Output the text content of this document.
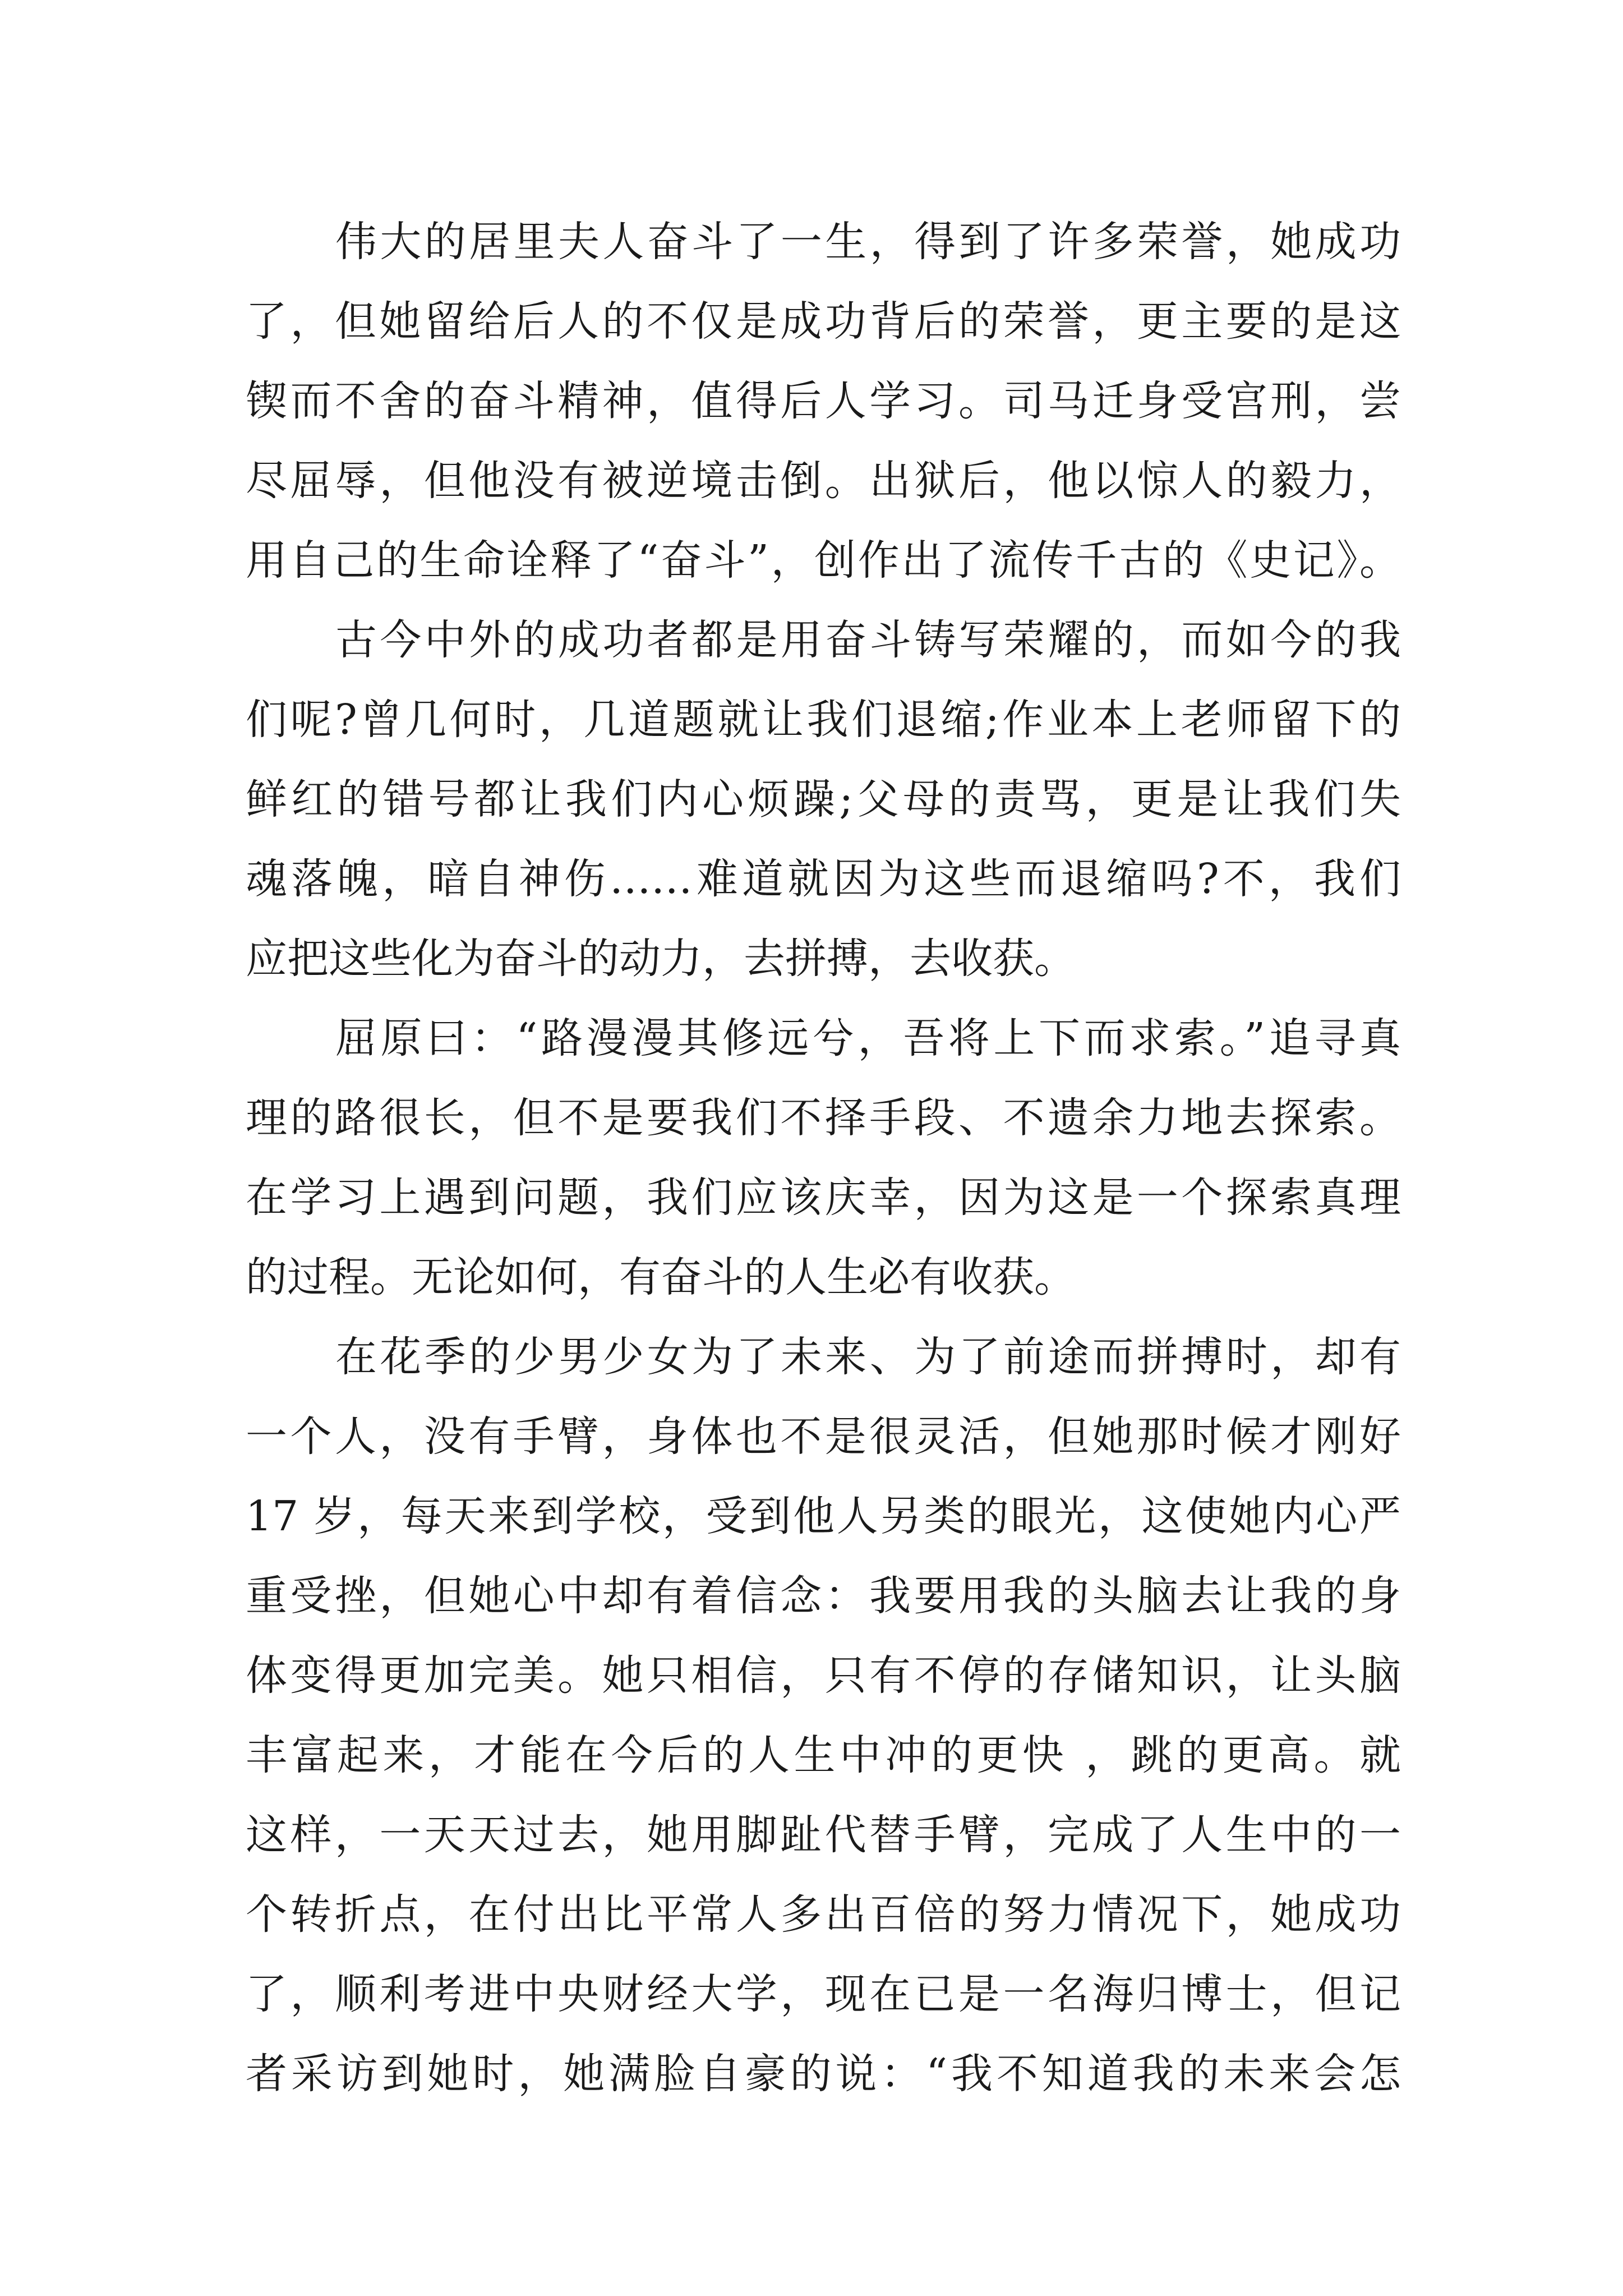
伟大的居里夫人奋斗了一生，得到了许多荣誉，她成功
了，但她留给后人的不仅是成功背后的荣誉，更主要的是这
锲而不舍的奋斗精神，值得后人学习。司马迁身受宫刑，尝
尽屈辱，但他没有被逆境击倒。出狱后，他以惊人的毅力，
用自己的生命诠释了“奋斗”，创作出了流传千古的《史记》。
古今中外的成功者都是用奋斗铸写荣耀的，而如今的我
们呢?曾几何时，几道题就让我们退缩;作业本上老师留下的
鲜红的错号都让我们内心烦躁;父母的责骂，更是让我们失
魂落魄，暗自神伤……难道就因为这些而退缩吗?不，我们
应把这些化为奋斗的动力，去拼搏，去收获。
屈原曰：“路漫漫其修远兮，吾将上下而求索。”追寻真
理的路很长，但不是要我们不择手段、不遗余力地去探索。
在学习上遇到问题，我们应该庆幸，因为这是一个探索真理
的过程。无论如何，有奋斗的人生必有收获。
在花季的少男少女为了未来、为了前途而拼搏时，却有
一个人，没有手臂，身体也不是很灵活，但她那时候才刚好
17 岁，每天来到学校，受到他人另类的眼光，这使她内心严
重受挫，但她心中却有着信念：我要用我的头脑去让我的身
体变得更加完美。她只相信，只有不停的存储知识，让头脑
丰富起来，才能在今后的人生中冲的更快 ，跳的更高。就
这样，一天天过去，她用脚趾代替手臂，完成了人生中的一
个转折点，在付出比平常人多出百倍的努力情况下，她成功
了，顺利考进中央财经大学，现在已是一名海归博士，但记
者采访到她时，她满脸自豪的说：“我不知道我的未来会怎
